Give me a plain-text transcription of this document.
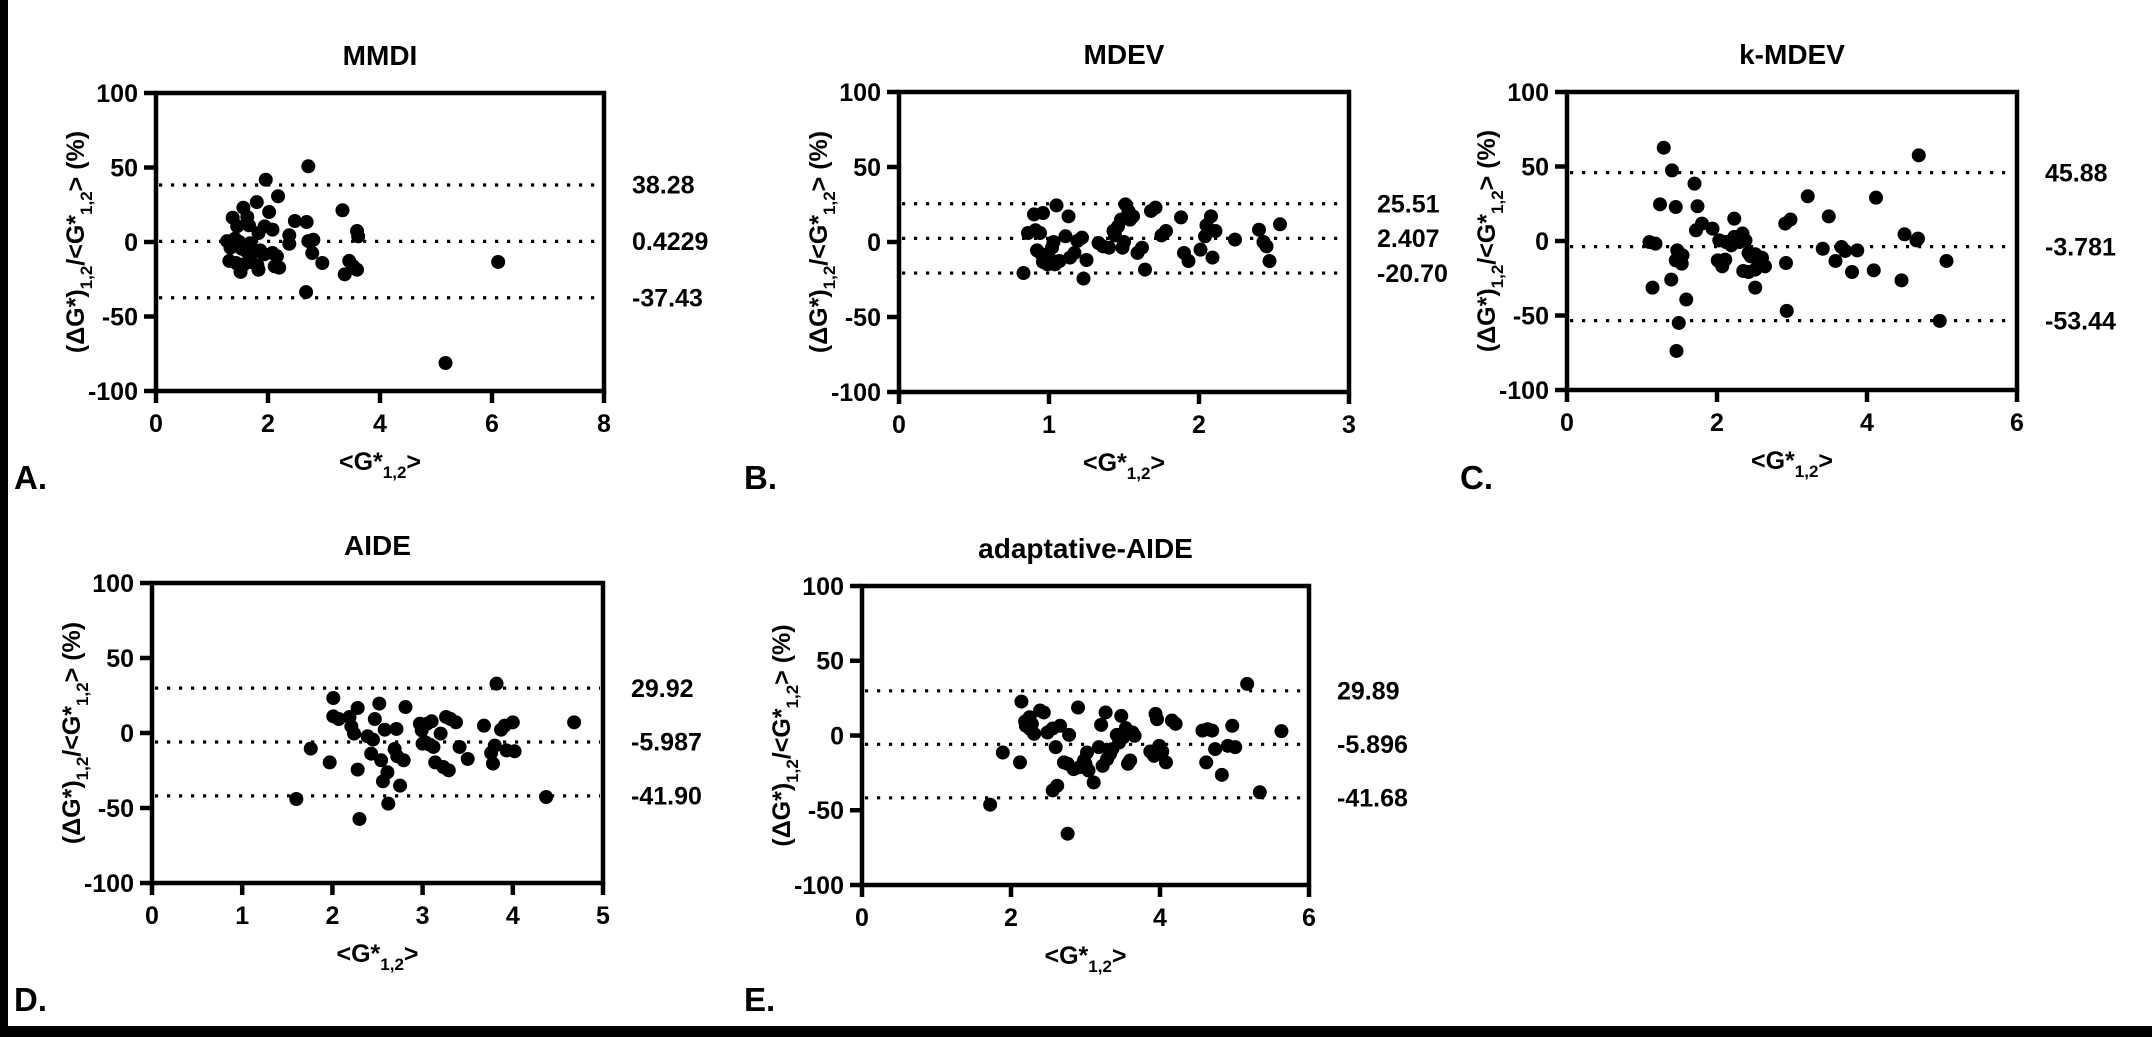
0	2	4	6	8
100
50
0
-50
-100
MMDI
A.	$<G*_{1,2}>$
$(\Delta G*)_{1,2}/<G*_{1,2}>$ (%)	38.28
0.4229
-37.43
0	1	2	3
100
50
0
-50
-100
MDEV
B.	$<G*_{1,2}>$
$(\Delta G*)_{1,2}/<G*_{1,2}>$ (%)
25.51
2.407
-20.70
0	2	4	6
100
50
0
-50
-100
k-MDEV
C.	$<G*_{1,2}>$
$(\Delta G*)_{1,2}/<G*_{1,2}>$ (%)	45.88
-3.781
-53.44
0	1	2	3	4	5
100
50
0
-50
-100
AIDE
D.
$<G*_{1,2}>$
$(\Delta G*)_{1,2}/<G*_{1,2}>$ (%)
29.92
-5.987
-41.90
0	2	4	6
100
50
0
-50
-100
adaptative-AIDE
E.
$<G*_{1,2}>$
$(\Delta G*)_{1,2}/<G*_{1,2}>$ (%)
29.89
-5.896
-41.68
